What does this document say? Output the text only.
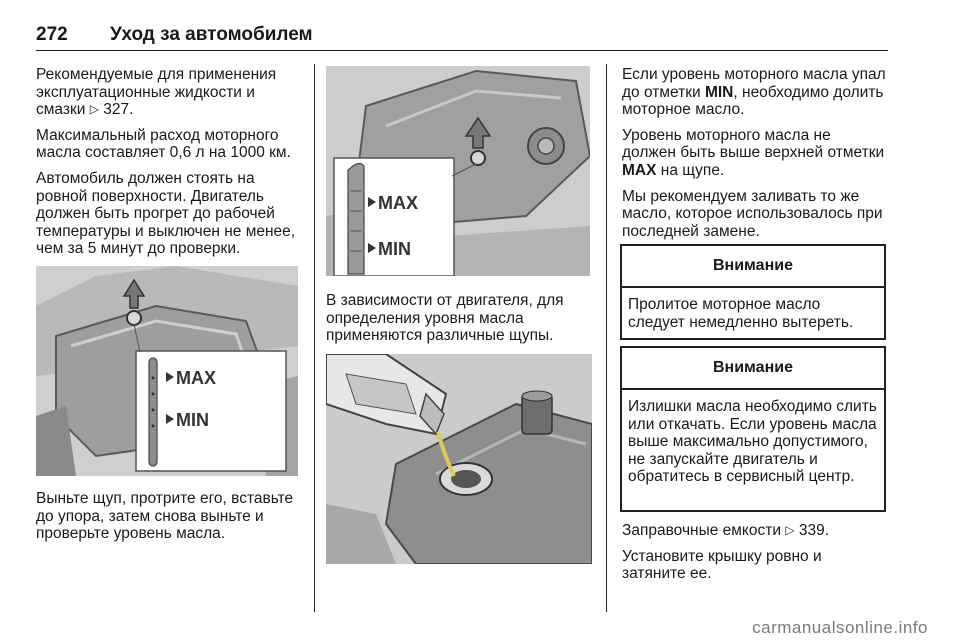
272 Уход за автомобилем

Рекомендуемые для применения эксплуатационные жидкости и смазки ▷ 327.

Максимальный расход моторного масла составляет 0,6 л на 1000 км.

Автомобиль должен стоять на ровной поверхности. Двигатель должен быть прогрет до рабочей температуры и выключен не менее, чем за 5 минут до проверки.

MAX
MIN
Выньте щуп, протрите его, вставьте до упора, затем снова выньте и проверьте уровень масла.
MAX
MIN
В зависимости от двигателя, для определения уровня масла применяются различные щупы.

Если уровень моторного масла упал до отметки MIN, необходимо долить моторное масло.

Уровень моторного масла не должен быть выше верхней отметки MAX на щупе.

Мы рекомендуем заливать то же масло, которое использовалось при последней замене.

Внимание
Пролитое моторное масло следует немедленно вытереть.
Внимание
Излишки масла необходимо слить или откачать. Если уровень масла выше максимально допустимого, не запускайте двигатель и обратитесь в сервисный центр.

Заправочные емкости ▷ 339.

Установите крышку ровно и затяните ее.

carmanualsonline.info
